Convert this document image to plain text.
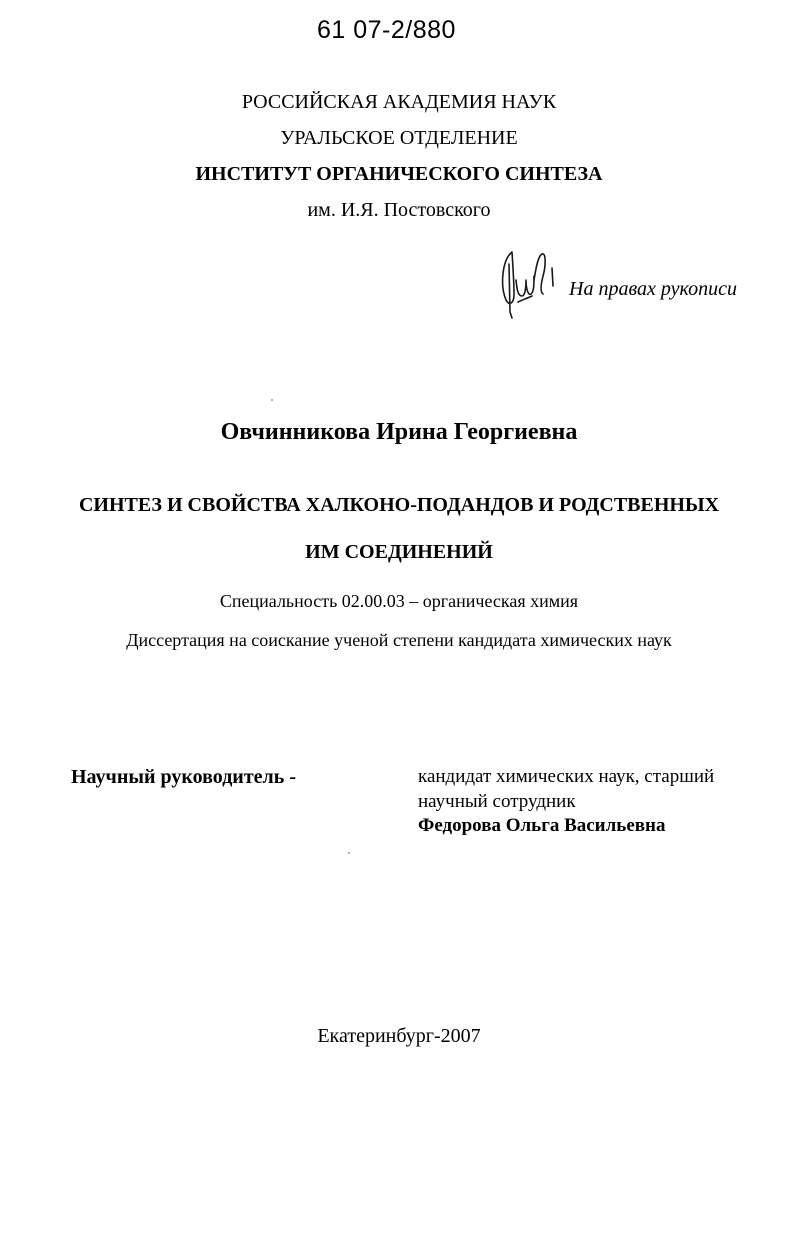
61 07-2/880
РОССИЙСКАЯ АКАДЕМИЯ НАУК
УРАЛЬСКОЕ ОТДЕЛЕНИЕ
ИНСТИТУТ ОРГАНИЧЕСКОГО СИНТЕЗА
им. И.Я. Постовского
На правах рукописи
Овчинникова Ирина Георгиевна
СИНТЕЗ И СВОЙСТВА ХАЛКОНО-ПОДАНДОВ И РОДСТВЕННЫХ
ИМ СОЕДИНЕНИЙ
Специальность 02.00.03 – органическая химия
Диссертация на соискание ученой степени кандидата химических наук
Научный руководитель -	кандидат химических наук, старший
научный сотрудник
Федорова Ольга Васильевна
Екатеринбург-2007
